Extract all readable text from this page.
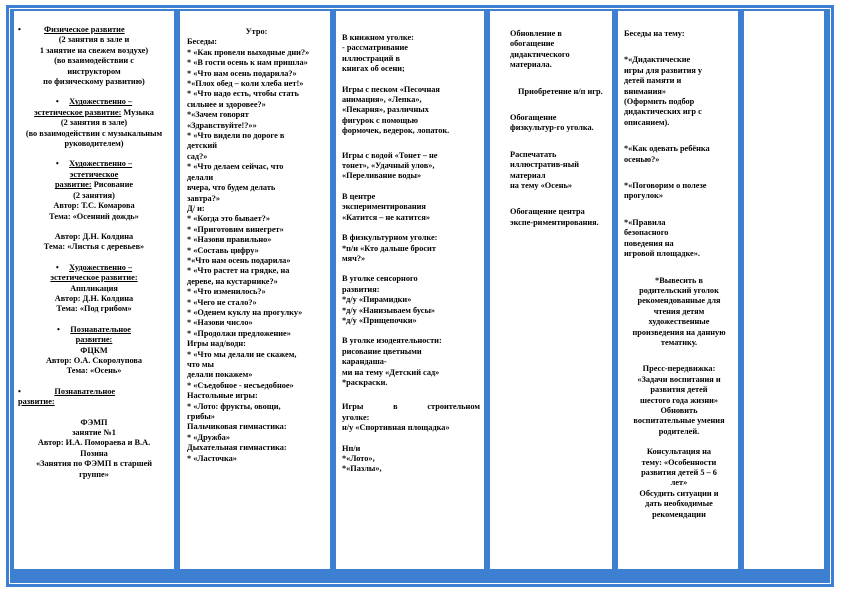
•	Физическое развитие

(2 занятия в зале и

1 занятие на свежем воздухе)

(во взаимодействии с

инструктором

по физическому развитию)

• Художественно –

эстетическое развитие: Музыка

(2 занятия в зале)

(во взаимодействии с музыкальным

руководителем)

• Художественно –

эстетическое

развитие: Рисование

(2 занятия)

Автор: Т.С. Комарова

Тема: «Осенний дождь»

Автор: Д.Н. Колдина

Тема: «Листья с деревьев»

• Художественно –

эстетическое развитие:

Аппликация

Автор: Д.Н. Колдина

Тема: «Под грибом»

• Познавательное

развитие:

ФЦКМ

Автор: О.А. Скоролупова

Тема: «Осень»

•	Познавательное

развитие:

ФЭМП

занятие №1

Автор: И.А. Помораева и В.А.

Позина

«Занятия по ФЭМП в старшей

группе»

Утро:

Беседы:

* «Как провели выходные дни?»

* «В гости осень к нам пришла»

* «Что нам осень подарила?»

*«Плох обед – коли хлеба нет!»

* «Что надо есть, чтобы стать

сильнее и здоровее?»

*«Зачем говорят

«Здравствуйте!?»»

* «Что видели по дороге в

детский

сад?»

* «Что делаем сейчас, что

делали

вчера, что будем делать

завтра?»

Д/ и:

* «Когда это бывает?»

* «Приготовим винегрет»

* «Назови правильно»

* «Составь цифру»

*«Что нам осень подарила»

* «Что растет на грядке, на

дереве, на кустарнике?»

* «Что изменилось?»

* «Чего не стало?»

* «Оденем куклу на прогулку»

* «Назови число»

* «Продолжи предложение»

Игры над/водн:

* «Что мы делали не скажем,

что мы

делали покажем»

* «Съедобное - несъедобное»

Настольные игры:

* «Лото: фрукты, овощи,

грибы»

Пальчиковая гимнастика:

* «Дружба»

Дыхательная гимнастика:

* «Ласточка»

В книжном уголке:

- рассматривание

иллюстраций в

книгах об осени;

Игры с песком «Песочная

анимация», «Лепка»,

«Пекарня», различных

фигурок с помощью

формочек, ведерок, лопаток.

Игры с водой «Тонет – не

тонет», «Удачный улов»,

«Переливание воды»

В центре

экспериментирования

«Катится – не катится»

В физкультурном уголке:

*п/и «Кто дальше бросит

мяч?»

В уголке сенсорного

развития:

*д/у «Пирамидки»

*д/у «Нанизываем бусы»

*д/у «Прищепочки»

В уголке изодеятельности:

рисование цветными

карандаша-

ми на тему «Детский сад»

*раскраски.

Игры	в	строительном

уголке:

н/у «Спортивная площадка»

Нп/и

*«Лото»,

*«Пазлы»,

Обновление в

обогащение

дидактического материала.

Приобретение н/п игр.

Обогащение

физкультур-го уголка.

Распечатать

иллюстратив-ный материал

на тему «Осень»

Обогащение центра

экспе-риментирования.

Беседы на тему:

*«Дидактические

игры для развития у

детей памяти и

внимания»

(Оформить подбор

дидактических игр с

описанием).

*«Как одевать ребёнка

осенью?»

*«Поговорим о полезе

прогулок»

*«Правила

безопасного

поведения на

игровой площадке».

*Вывесить в

родительский уголок

рекомендованные для

чтения детям

художественные

произведения на данную

тематику.

Пресс-передвижка:

«Задачи воспитания и

развития детей

шестого года жизни»

Обновить

воспитательные умения

родителей.

Консультация на

тему: «Особенности

развития детей 5 – 6

лет»

Обсудить ситуации и

дать необходимые

рекомендации
